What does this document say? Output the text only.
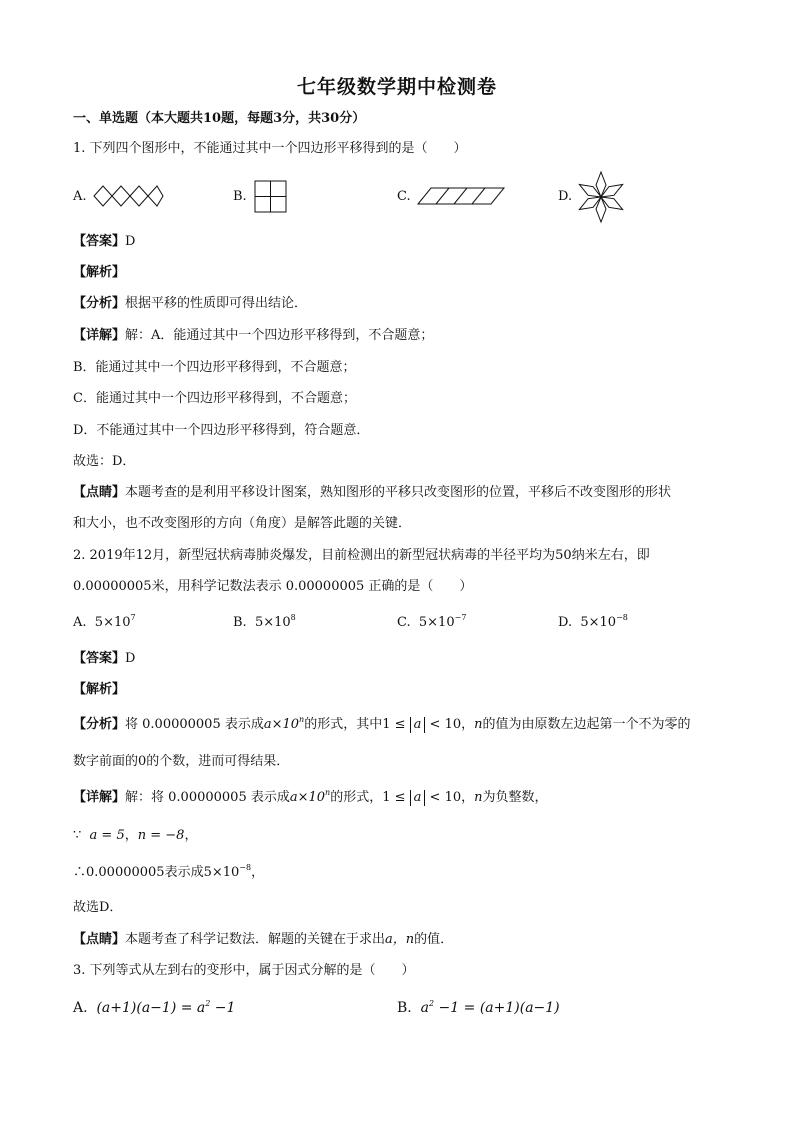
七年级数学期中检测卷
一、单选题（本大题共10题，每题3分，共30分）
1. 下列四个图形中，不能通过其中一个四边形平移得到的是（　　）
A.	B.	C.	D.
【答案】D
【解析】
【分析】根据平移的性质即可得出结论．
【详解】解：A．能通过其中一个四边形平移得到，不合题意；
B．能通过其中一个四边形平移得到，不合题意；
C．能通过其中一个四边形平移得到，不合题意；
D．不能通过其中一个四边形平移得到，符合题意．
故选：D．
【点睛】本题考查的是利用平移设计图案，熟知图形的平移只改变图形的位置，平移后不改变图形的形状
和大小，也不改变图形的方向（角度）是解答此题的关键．
2. 2019年12月，新型冠状病毒肺炎爆发，目前检测出的新型冠状病毒的半径平均为50纳米左右，即
0.00000005米，用科学记数法表示 0.00000005 正确的是（　　）
A. $5\times 10^7$	B. $5\times 10^8$	C. $5\times 10^{-7}$	D. $5\times 10^{-8}$
【答案】D
【解析】
【分析】将 0.00000005 表示成$a\times 10^n$的形式，其中1 ≤ a < 10，n的值为由原数左边起第一个不为零的
数字前面的0的个数，进而可得结果．
【详解】解：将 0.00000005 表示成$a\times 10^n$的形式，1 ≤ a < 10，n为负整数，
∵ a = 5，n = −8，
∴0.00000005表示成$5\times 10^{-8}$，
故选D．
【点睛】本题考查了科学记数法．解题的关键在于求出a，n的值．
3. 下列等式从左到右的变形中，属于因式分解的是（　　）
A. $(a+1)(a-1) = a^2 -1$	B. $a^2 -1 = (a+1)(a-1)$
